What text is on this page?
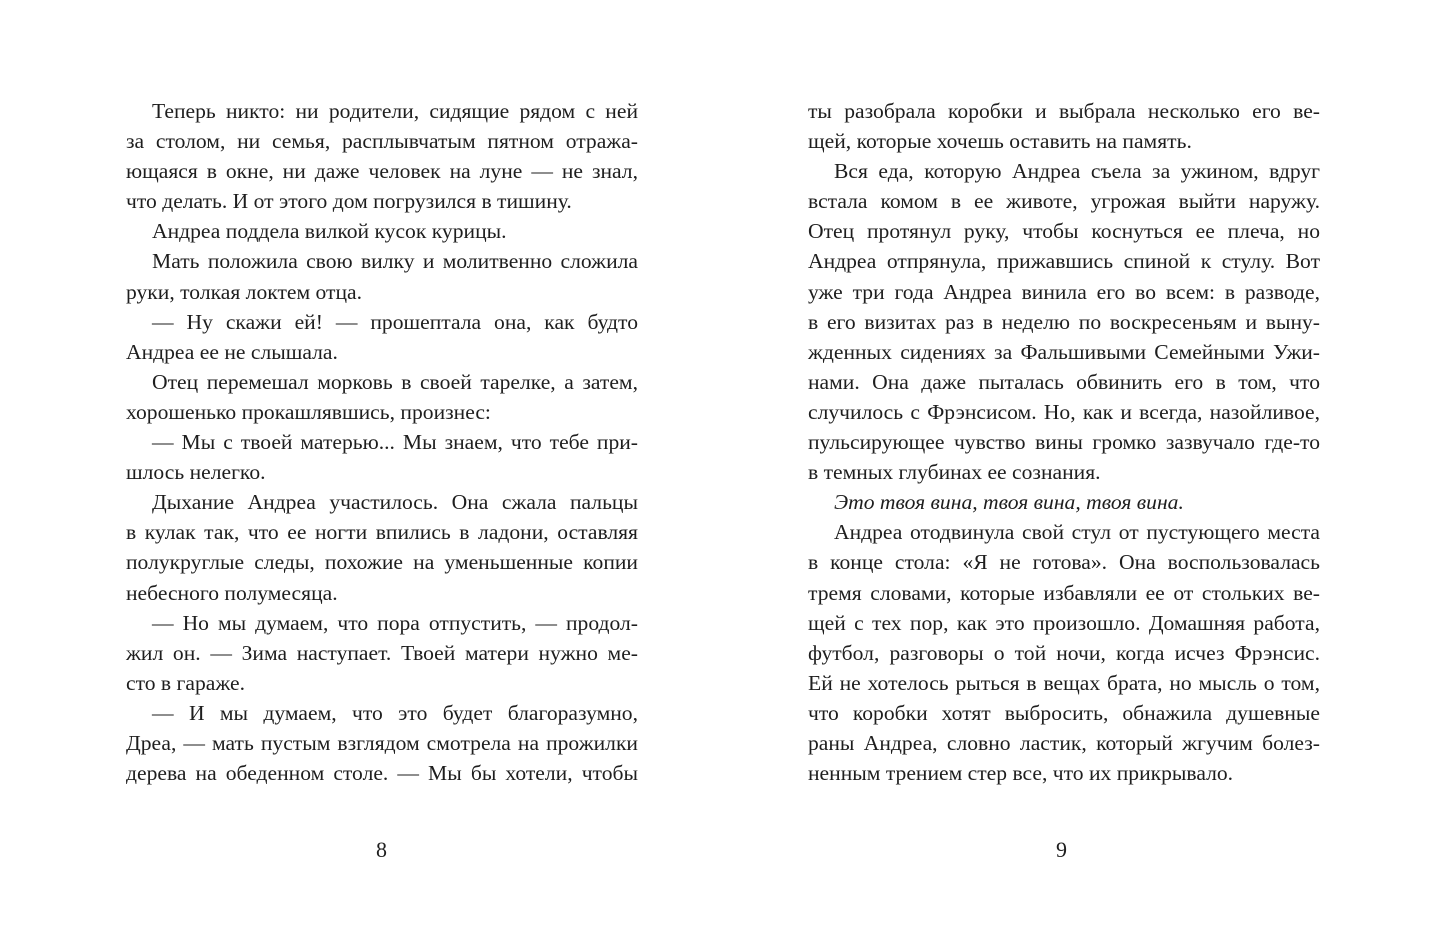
Теперь никто: ни родители, сидящие рядом с ней
за столом, ни семья, расплывчатым пятном отража-
ющаяся в окне, ни даже человек на луне — не знал,
что делать. И от этого дом погрузился в тишину.
Андреа поддела вилкой кусок курицы.
Мать положила свою вилку и молитвенно сложила
руки, толкая локтем отца.
— Ну скажи ей! — прошептала она, как будто
Андреа ее не слышала.
Отец перемешал морковь в своей тарелке, а затем,
хорошенько прокашлявшись, произнес:
— Мы с твоей матерью... Мы знаем, что тебе при-
шлось нелегко.
Дыхание Андреа участилось. Она сжала пальцы
в кулак так, что ее ногти впились в ладони, оставляя
полукруглые следы, похожие на уменьшенные копии
небесного полумесяца.
— Но мы думаем, что пора отпустить, — продол-
жил он. — Зима наступает. Твоей матери нужно ме-
сто в гараже.
— И мы думаем, что это будет благоразумно,
Дреа, — мать пустым взглядом смотрела на прожилки
дерева на обеденном столе. — Мы бы хотели, чтобы
ты разобрала коробки и выбрала несколько его ве-
щей, которые хочешь оставить на память.
Вся еда, которую Андреа съела за ужином, вдруг
встала комом в ее животе, угрожая выйти наружу.
Отец протянул руку, чтобы коснуться ее плеча, но
Андреа отпрянула, прижавшись спиной к стулу. Вот
уже три года Андреа винила его во всем: в разводе,
в его визитах раз в неделю по воскресеньям и выну-
жденных сидениях за Фальшивыми Семейными Ужи-
нами. Она даже пыталась обвинить его в том, что
случилось с Фрэнсисом. Но, как и всегда, назойливое,
пульсирующее чувство вины громко зазвучало где-то
в темных глубинах ее сознания.
Это твоя вина, твоя вина, твоя вина.
Андреа отодвинула свой стул от пустующего места
в конце стола: «Я не готова». Она воспользовалась
тремя словами, которые избавляли ее от стольких ве-
щей с тех пор, как это произошло. Домашняя работа,
футбол, разговоры о той ночи, когда исчез Фрэнсис.
Ей не хотелось рыться в вещах брата, но мысль о том,
что коробки хотят выбросить, обнажила душевные
раны Андреа, словно ластик, который жгучим болез-
ненным трением стер все, что их прикрывало.
8	9
